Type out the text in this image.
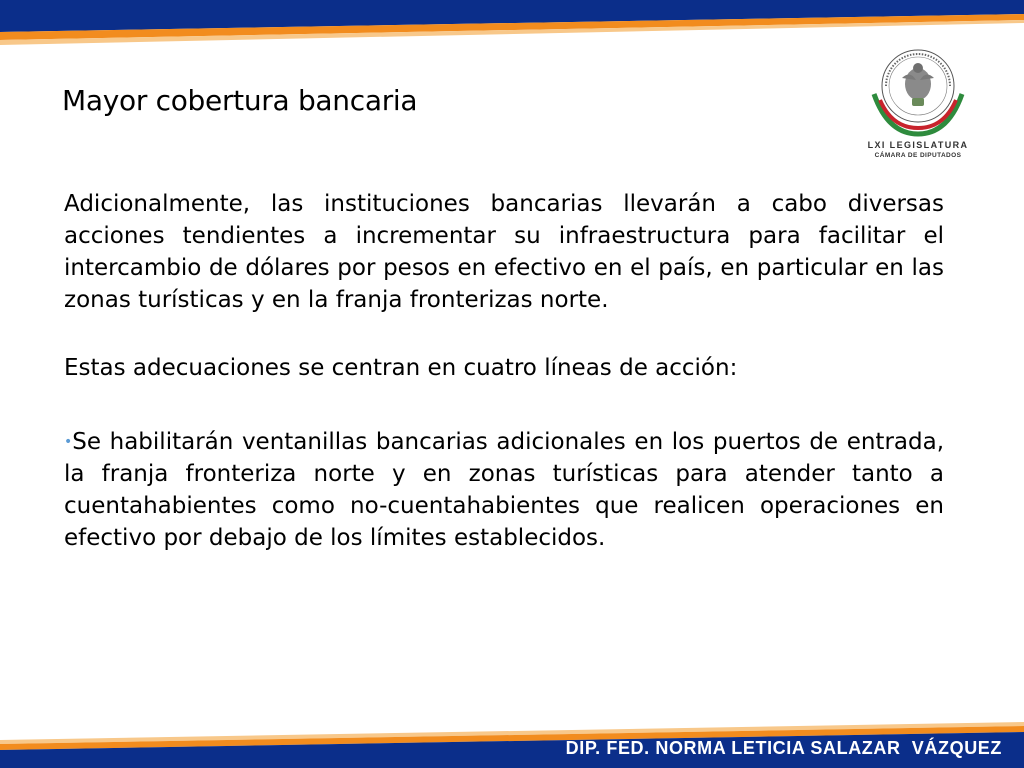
Mayor cobertura bancaria
LXI LEGISLATURA
CÁMARA DE DIPUTADOS

Adicionalmente, las instituciones bancarias llevarán a cabo diversas acciones tendientes a incrementar su infraestructura para facilitar el intercambio de dólares por pesos en efectivo en el país, en particular en las zonas turísticas y en la franja fronterizas norte.

Estas adecuaciones se centran en cuatro líneas de acción:

•Se habilitarán ventanillas bancarias adicionales en los puertos de entrada, la franja fronteriza norte y en zonas turísticas para atender tanto a cuentahabientes como no-cuentahabientes que realicen operaciones en efectivo por debajo de los límites establecidos.

DIP. FED. NORMA LETICIA SALAZAR  VÁZQUEZ
